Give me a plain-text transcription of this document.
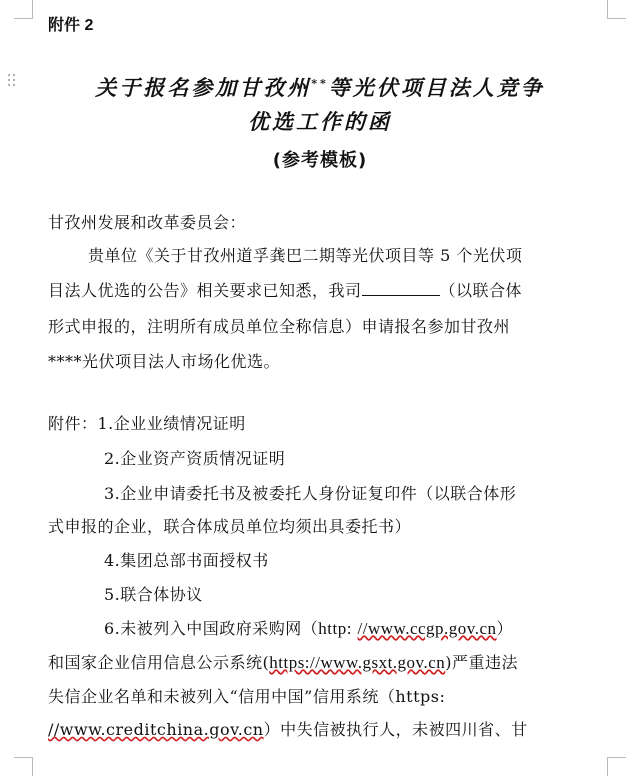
附件 2
关于报名参加甘孜州**等光伏项目法人竞争
优选工作的函
(参考模板)
甘孜州发展和改革委员会：
贵单位《关于甘孜州道孚龚巴二期等光伏项目等 5 个光伏项
目法人优选的公告》相关要求已知悉，我司	（以联合体
形式申报的，注明所有成员单位全称信息）申请报名参加甘孜州
****光伏项目法人市场化优选。
附件：1.企业业绩情况证明
2.企业资产资质情况证明
3.企业申请委托书及被委托人身份证复印件（以联合体形
式申报的企业，联合体成员单位均须出具委托书）
4.集团总部书面授权书
5.联合体协议
6.未被列入中国政府采购网（http: //www.ccgp.gov.cn）
和国家企业信用信息公示系统(https://www.gsxt.gov.cn)严重违法
失信企业名单和未被列入“信用中国”信用系统（https:
//www.creditchina.gov.cn）中失信被执行人，未被四川省、甘
